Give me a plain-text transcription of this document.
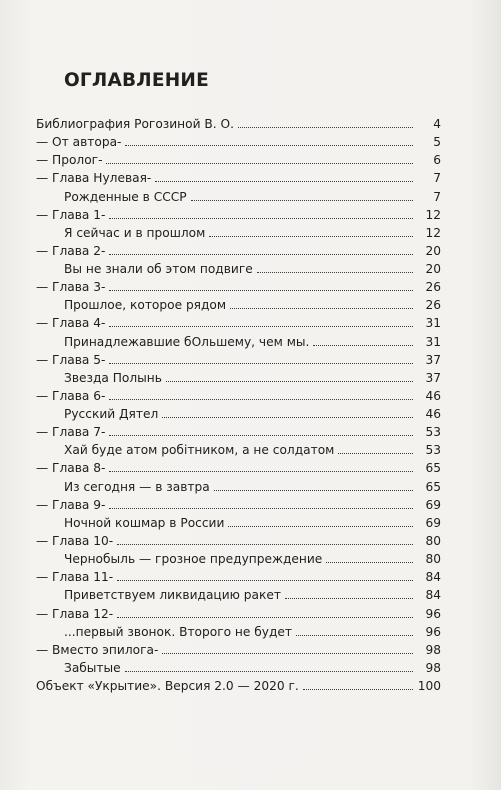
ОГЛАВЛЕНИЕ
Библиография Рогозиной В. О.	4
— От автора-	5
— Пролог-	6
— Глава Нулевая-	7
Рожденные в СССР	7
— Глава 1-	12
Я сейчас и в прошлом	12
— Глава 2-	20
Вы не знали об этом подвиге	20
— Глава 3-	26
Прошлое, которое рядом	26
— Глава 4-	31
Принадлежавшие бОльшему, чем мы.	31
— Глава 5-	37
Звезда Полынь	37
— Глава 6-	46
Русский Дятел	46
— Глава 7-	53
Хай буде атом робiтником, а не солдатом	53
— Глава 8-	65
Из сегодня — в завтра	65
— Глава 9-	69
Ночной кошмар в России	69
— Глава 10-	80
Чернобыль — грозное предупреждение	80
— Глава 11-	84
Приветствуем ликвидацию ракет	84
— Глава 12-	96
...первый звонок. Второго не будет	96
— Вместо эпилога-	98
Забытые	98
Объект «Укрытие». Версия 2.0 — 2020 г.	100
